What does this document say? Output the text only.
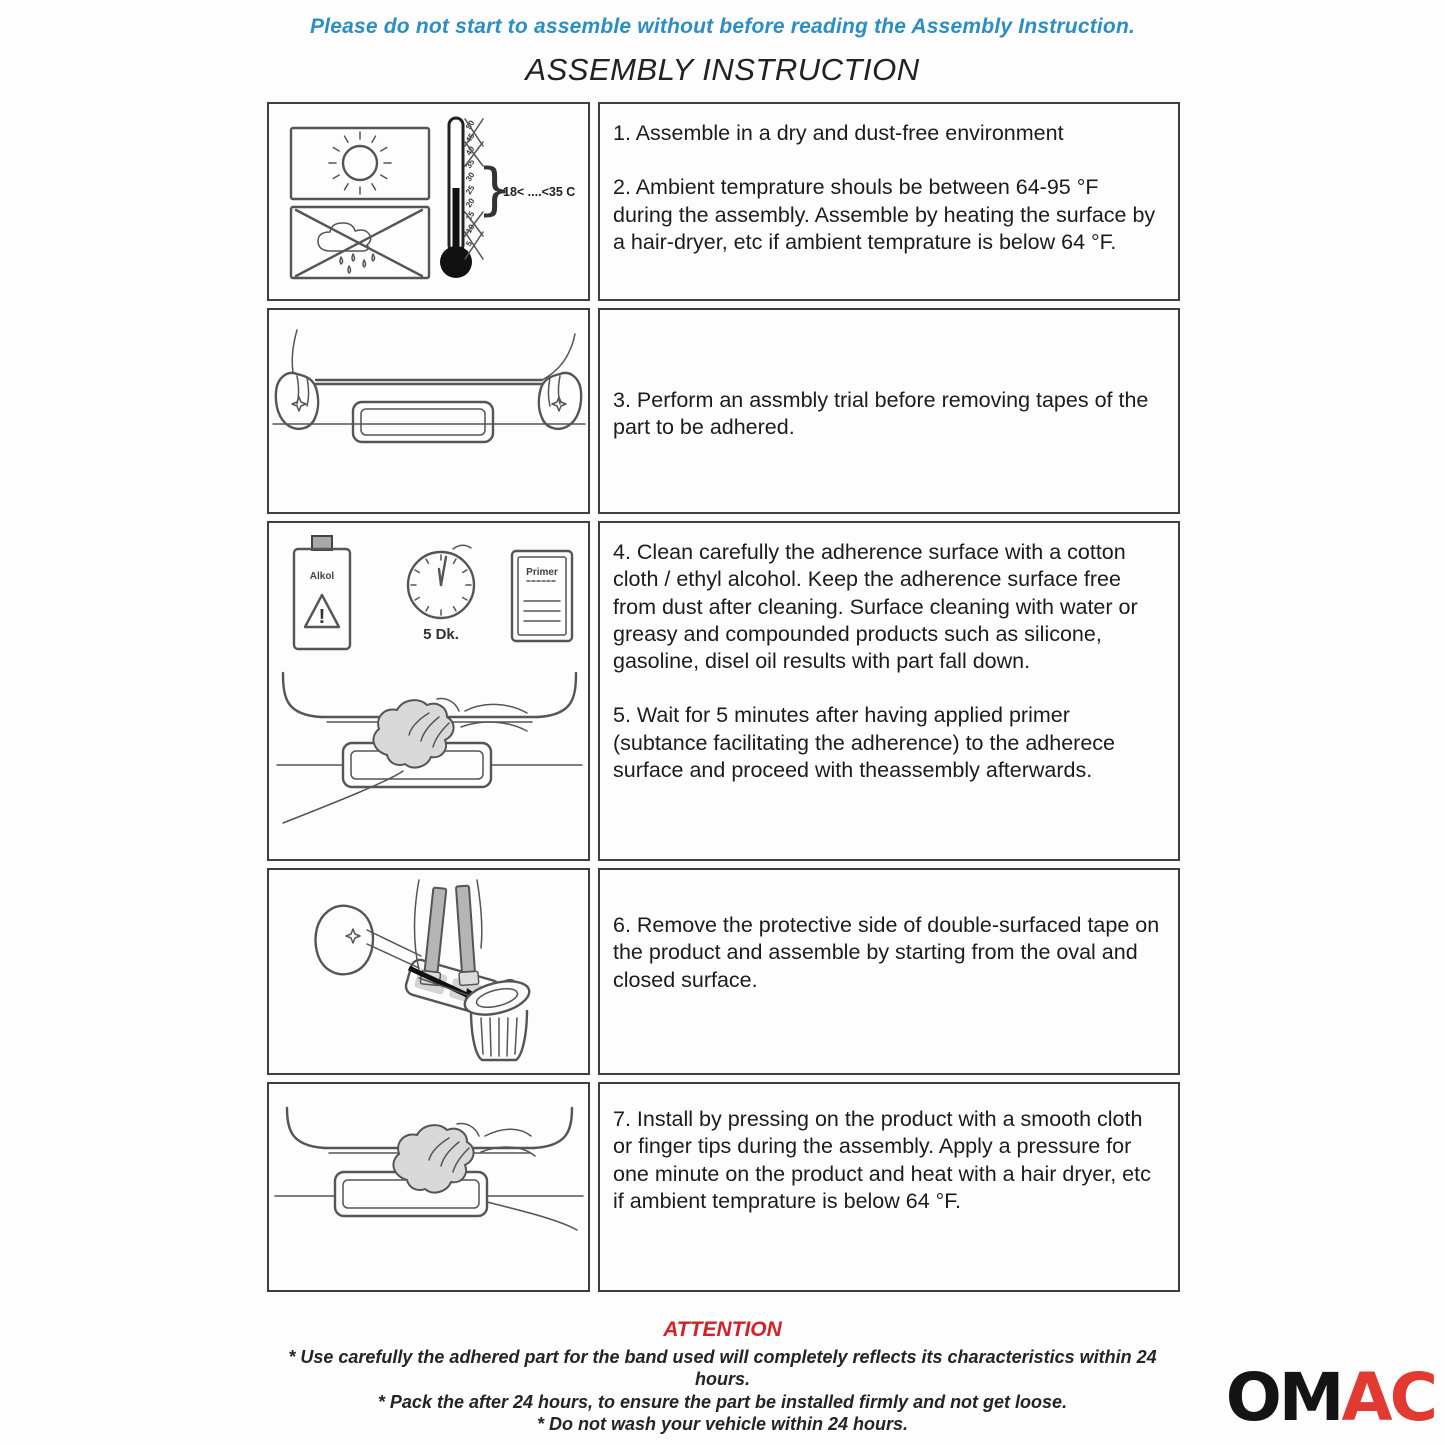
Please do not start to assemble without before reading the Assembly Instruction.
ASSEMBLY INSTRUCTION
50
45
40
35
30
25
20
15
10
5
}
18< ....<35 C

1. Assemble in a dry and dust-free environment

2. Ambient temprature shouls be between 64-95 °F during the assembly. Assemble by heating the surface by a hair-dryer, etc if ambient temprature is below 64 °F.

3. Perform an assmbly trial before removing tapes of the part to be adhered.

Alkol
!
5 Dk.
Primer

4. Clean carefully the adherence surface with a cotton cloth / ethyl alcohol. Keep the adherence surface free from dust after cleaning. Surface cleaning with water or greasy and compounded products such as silicone, gasoline, disel oil results with part fall down.

5. Wait for 5 minutes after having applied primer (subtance facilitating the adherence) to the adherece surface and proceed with theassembly afterwards.

6. Remove the protective side of double-surfaced tape on the product and assemble by starting from the oval and closed surface.

7. Install by pressing on the product with a smooth cloth or finger tips during the assembly. Apply a pressure for one minute on the product and heat with a hair dryer, etc if ambient temprature is below 64 °F.

ATTENTION

* Use carefully the adhered part for the band used will completely reflects its characteristics within 24 hours.

* Pack the after 24 hours, to ensure the part be installed firmly and not get loose.

* Do not wash your vehicle within 24 hours.	OMAC
